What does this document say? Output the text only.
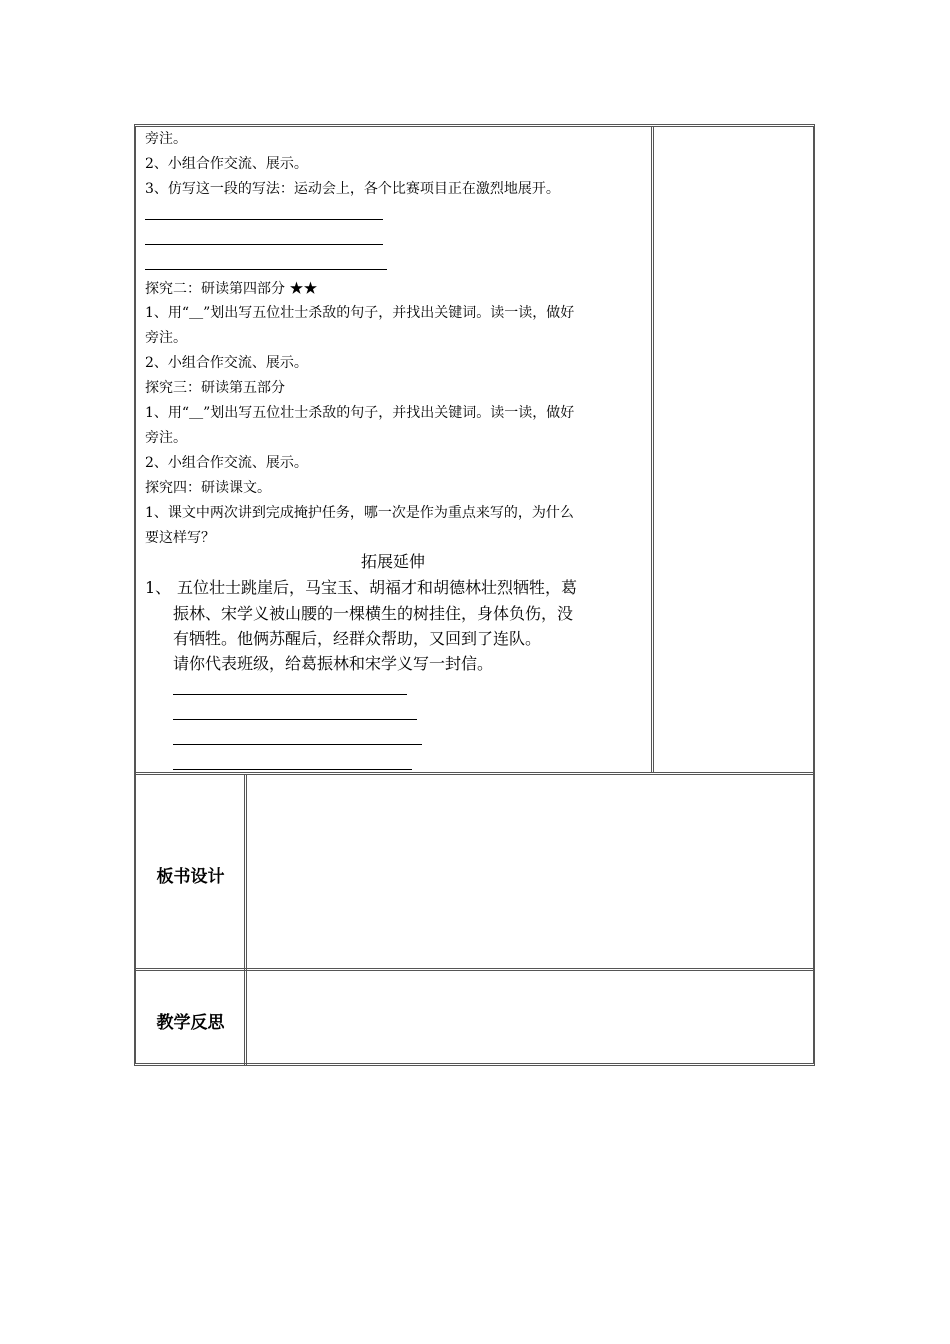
旁注。
2、小组合作交流、展示。
3、仿写这一段的写法：运动会上，各个比赛项目正在激烈地展开。
探究二：研读第四部分 ★★
1、用“＿”划出写五位壮士杀敌的句子，并找出关键词。读一读，做好
旁注。
2、小组合作交流、展示。
探究三：研读第五部分
1、用“＿”划出写五位壮士杀敌的句子，并找出关键词。读一读，做好
旁注。
2、小组合作交流、展示。
探究四：研读课文。
1、课文中两次讲到完成掩护任务，哪一次是作为重点来写的，为什么
要这样写？
拓展延伸
1、 五位壮士跳崖后，马宝玉、胡福才和胡德林壮烈牺牲，葛
振林、宋学义被山腰的一棵横生的树挂住，身体负伤，没
有牺牲。他俩苏醒后，经群众帮助，又回到了连队。
请你代表班级，给葛振林和宋学义写一封信。
板书设计
教学反思
